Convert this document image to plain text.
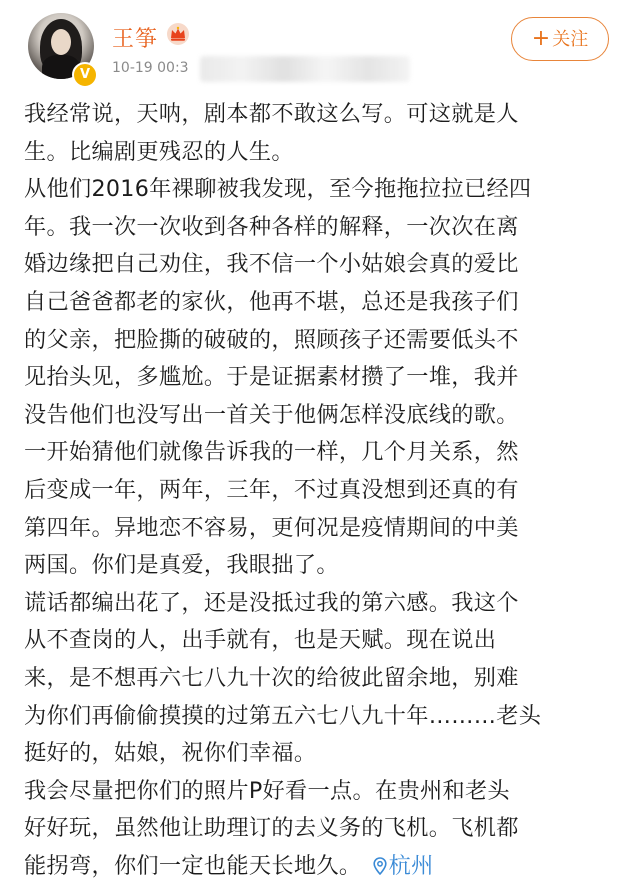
V
王筝
10-19 00:3
+ 关注
我经常说，天呐，剧本都不敢这么写。可这就是人
生。比编剧更残忍的人生。
从他们2016年裸聊被我发现，至今拖拖拉拉已经四
年。我一次一次收到各种各样的解释，一次次在离
婚边缘把自己劝住，我不信一个小姑娘会真的爱比
自己爸爸都老的家伙，他再不堪，总还是我孩子们
的父亲，把脸撕的破破的，照顾孩子还需要低头不
见抬头见，多尴尬。于是证据素材攒了一堆，我并
没告他们也没写出一首关于他俩怎样没底线的歌。
一开始猜他们就像告诉我的一样，几个月关系，然
后变成一年，两年，三年，不过真没想到还真的有
第四年。异地恋不容易，更何况是疫情期间的中美
两国。你们是真爱，我眼拙了。
谎话都编出花了，还是没抵过我的第六感。我这个
从不查岗的人，出手就有，也是天赋。现在说出
来，是不想再六七八九十次的给彼此留余地，别难
为你们再偷偷摸摸的过第五六七八九十年………老头
挺好的，姑娘，祝你们幸福。
我会尽量把你们的照片P好看一点。在贵州和老头
好好玩，虽然他让助理订的去义务的飞机。飞机都
能拐弯，你们一定也能天长地久。 杭州
